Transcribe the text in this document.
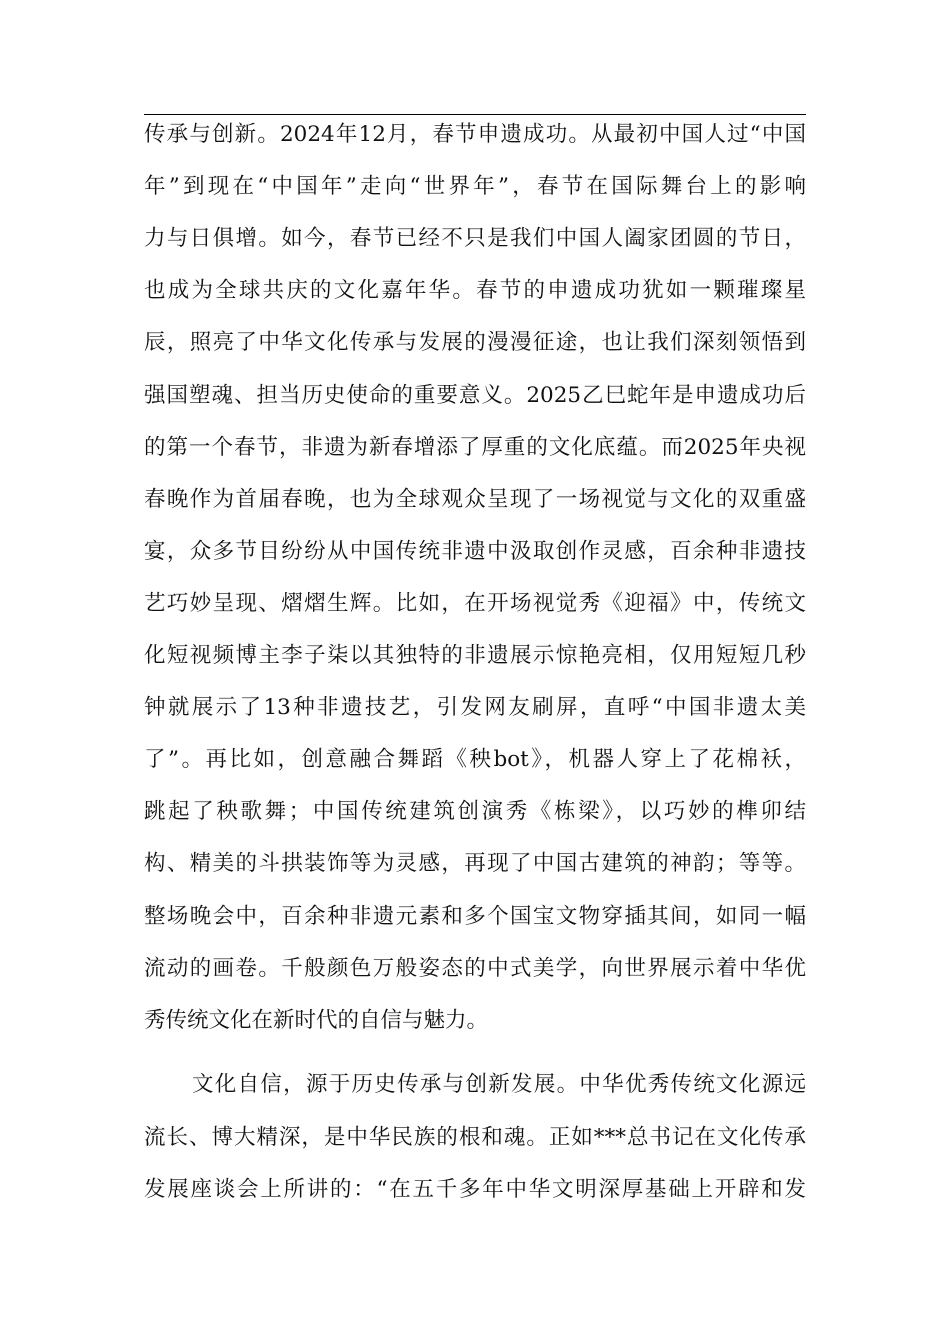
传承与创新。2024年12月，春节申遗成功。从最初中国人过“中国
年”到现在“中国年”走向“世界年”，春节在国际舞台上的影响
力与日俱增。如今，春节已经不只是我们中国人阖家团圆的节日，
也成为全球共庆的文化嘉年华。春节的申遗成功犹如一颗璀璨星
辰，照亮了中华文化传承与发展的漫漫征途，也让我们深刻领悟到
强国塑魂、担当历史使命的重要意义。2025乙巳蛇年是申遗成功后
的第一个春节，非遗为新春增添了厚重的文化底蕴。而2025年央视
春晚作为首届春晚，也为全球观众呈现了一场视觉与文化的双重盛
宴，众多节目纷纷从中国传统非遗中汲取创作灵感，百余种非遗技
艺巧妙呈现、熠熠生辉。比如，在开场视觉秀《迎福》中，传统文
化短视频博主李子柒以其独特的非遗展示惊艳亮相，仅用短短几秒
钟就展示了13种非遗技艺，引发网友刷屏，直呼“中国非遗太美
了”。再比如，创意融合舞蹈《秧bot》，机器人穿上了花棉袄，
跳起了秧歌舞；中国传统建筑创演秀《栋梁》，以巧妙的榫卯结
构、精美的斗拱装饰等为灵感，再现了中国古建筑的神韵；等等。
整场晚会中，百余种非遗元素和多个国宝文物穿插其间，如同一幅
流动的画卷。千般颜色万般姿态的中式美学，向世界展示着中华优
秀传统文化在新时代的自信与魅力。
文化自信，源于历史传承与创新发展。中华优秀传统文化源远
流长、博大精深，是中华民族的根和魂。正如***总书记在文化传承
发展座谈会上所讲的：“在五千多年中华文明深厚基础上开辟和发
